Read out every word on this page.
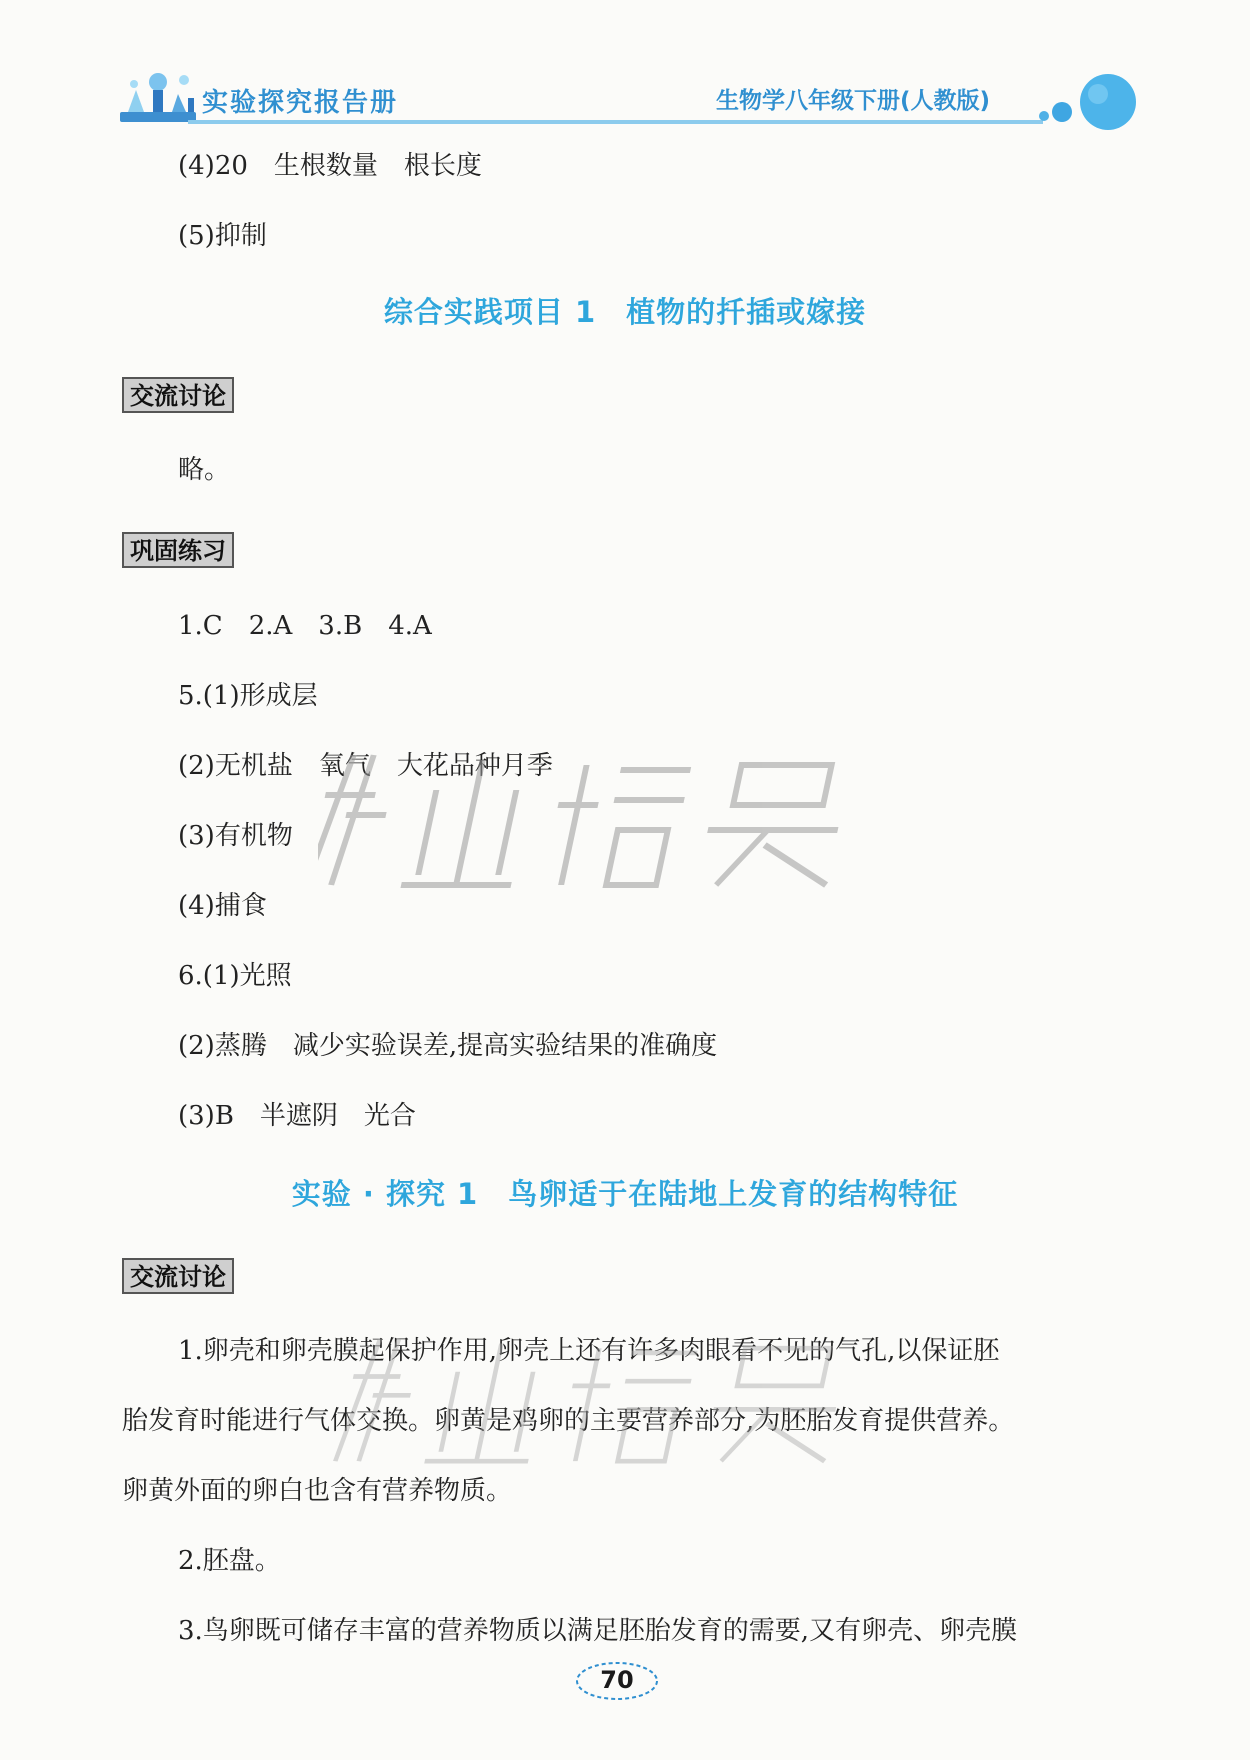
实验探究报告册	生物学八年级下册(人教版)
(4)20　生根数量　根长度
(5)抑制
综合实践项目 1　植物的扦插或嫁接
交流讨论
略。
巩固练习
1.C　2.A　3.B　4.A
5.(1)形成层
(2)无机盐　氧气　大花品种月季
(3)有机物
(4)捕食
6.(1)光照
(2)蒸腾　减少实验误差,提高实验结果的准确度
(3)B　半遮阴　光合
实验 · 探究 1　鸟卵适于在陆地上发育的结构特征
交流讨论
1.卵壳和卵壳膜起保护作用,卵壳上还有许多肉眼看不见的气孔,以保证胚
胎发育时能进行气体交换。卵黄是鸡卵的主要营养部分,为胚胎发育提供营养。
卵黄外面的卵白也含有营养物质。
2.胚盘。
3.鸟卵既可储存丰富的营养物质以满足胚胎发育的需要,又有卵壳、卵壳膜
70
